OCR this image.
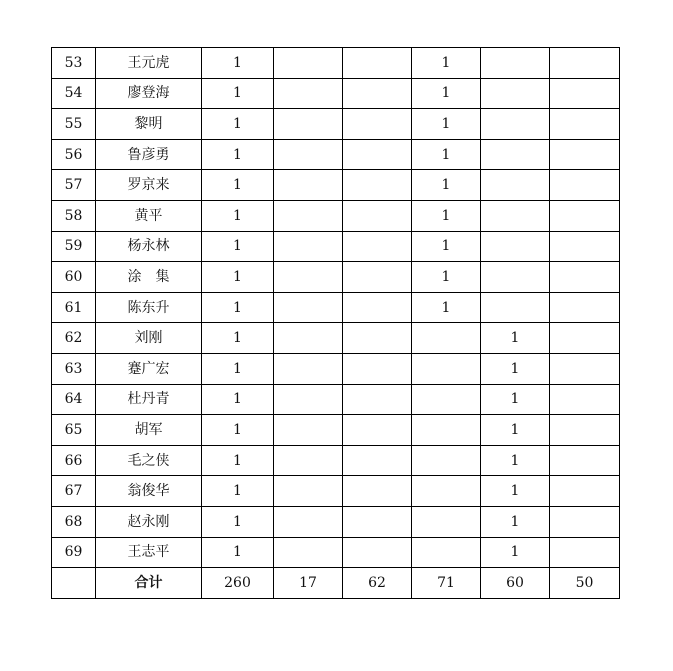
53	王元虎	1			1		
54	廖登海	1			1		
55	黎明	1			1		
56	鲁彦勇	1			1		
57	罗京来	1			1		
58	黄平	1			1		
59	杨永林	1			1		
60	涂　集	1			1		
61	陈东升	1			1		
62	刘刚	1				1	
63	蹇广宏	1				1	
64	杜丹青	1				1	
65	胡军	1				1	
66	毛之侠	1				1	
67	翁俊华	1				1	
68	赵永刚	1				1	
69	王志平	1				1	
	合计	260	17	62	71	60	50
